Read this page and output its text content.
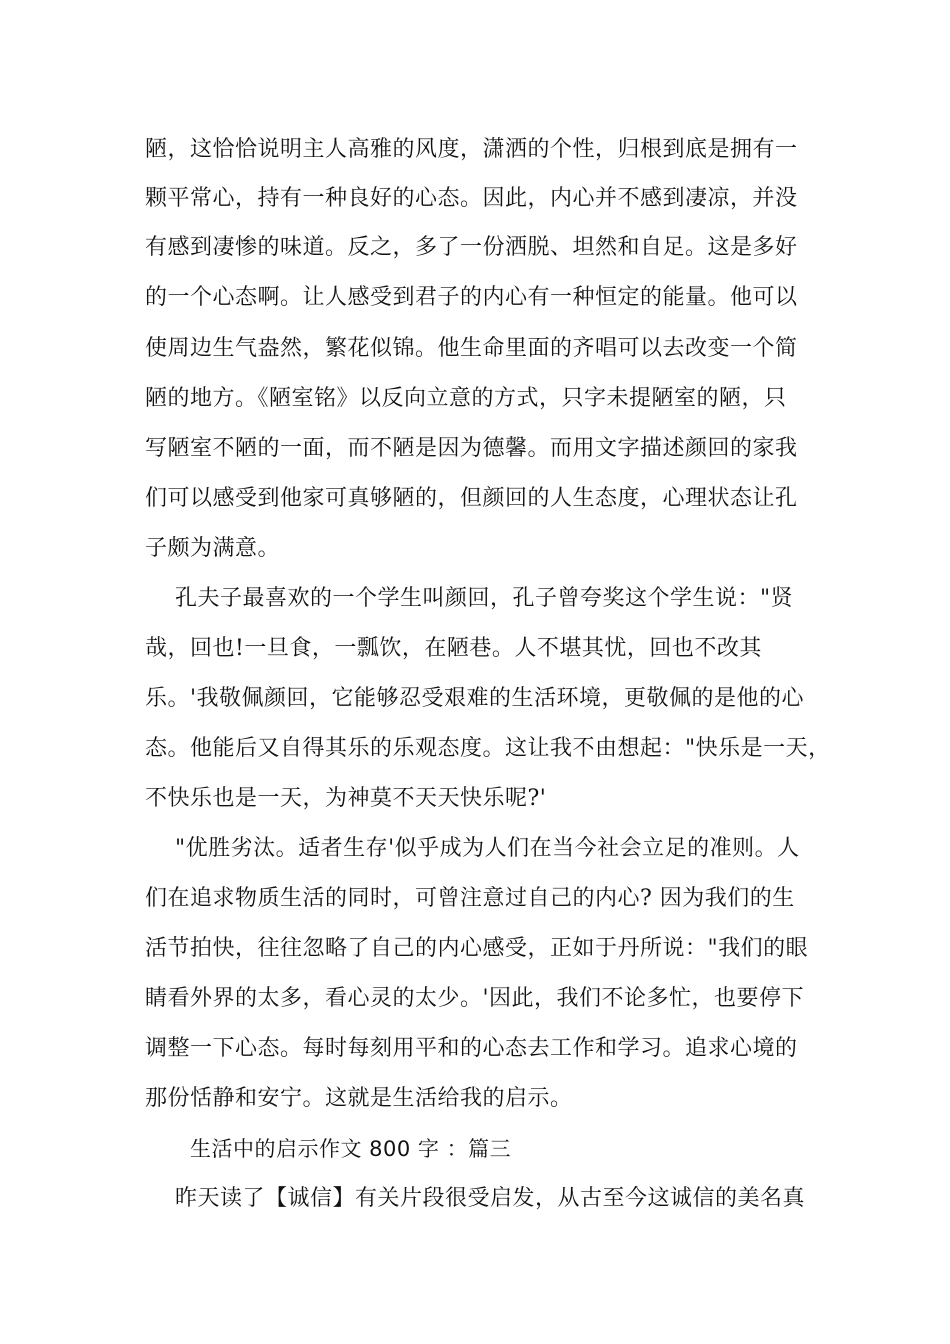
陋，这恰恰说明主人高雅的风度，潇洒的个性，归根到底是拥有一
颗平常心，持有一种良好的心态。因此，内心并不感到凄凉，并没
有感到凄惨的味道。反之，多了一份洒脱、坦然和自足。这是多好
的一个心态啊。让人感受到君子的内心有一种恒定的能量。他可以
使周边生气盎然，繁花似锦。他生命里面的齐唱可以去改变一个简
陋的地方。《陋室铭》以反向立意的方式，只字未提陋室的陋，只
写陋室不陋的一面，而不陋是因为德馨。而用文字描述颜回的家我
们可以感受到他家可真够陋的，但颜回的人生态度，心理状态让孔
子颇为满意。
孔夫子最喜欢的一个学生叫颜回，孔子曾夸奖这个学生说："贤
哉，回也!一旦食，一瓢饮，在陋巷。人不堪其忧，回也不改其
乐。'我敬佩颜回，它能够忍受艰难的生活环境，更敬佩的是他的心
态。他能后又自得其乐的乐观态度。这让我不由想起："快乐是一天，
不快乐也是一天，为神莫不天天快乐呢?'
"优胜劣汰。适者生存'似乎成为人们在当今社会立足的准则。人
们在追求物质生活的同时，可曾注意过自己的内心? 因为我们的生
活节拍快，往往忽略了自己的内心感受，正如于丹所说："我们的眼
睛看外界的太多，看心灵的太少。'因此，我们不论多忙，也要停下
调整一下心态。每时每刻用平和的心态去工作和学习。追求心境的
那份恬静和安宁。这就是生活给我的启示。
生活中的启示作文 800 字 ：篇三
昨天读了【诚信】有关片段很受启发，从古至今这诚信的美名真
